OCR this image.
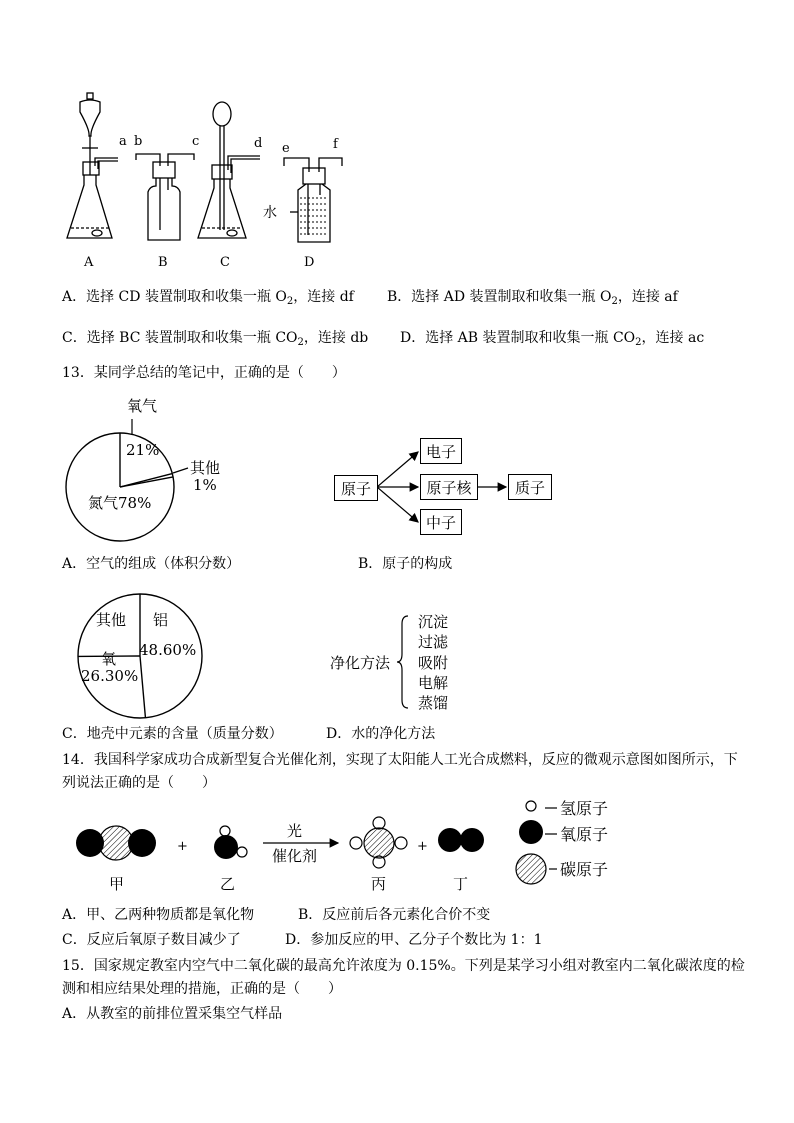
a b	c	d e	f
水
A	B	C	D
A．选择 CD 装置制取和收集一瓶 $O_2$，连接 df B．选择 AD 装置制取和收集一瓶 $O_2$，连接 af
C．选择 BC 装置制取和收集一瓶 $CO_2$，连接 db D．选择 AB 装置制取和收集一瓶 $CO_2$，连接 ac
13．某同学总结的笔记中，正确的是（　　）
氧气
21%
其他
1%
氮气78%
原子
电子
原子核	质子
中子
A．空气的组成（体积分数）	B．原子的构成
其他 铝
48.60%
氧
26.30%
净化方法
沉淀
过滤
吸附
电解
蒸馏
C．地壳中元素的含量（质量分数）	D．水的净化方法
14．我国科学家成功合成新型复合光催化剂，实现了太阳能人工光合成燃料，反应的微观示意图如图所示，下
列说法正确的是（　　）
+
光
催化剂
+
甲	乙	丙	丁
氢原子
氧原子
碳原子
A．甲、乙两种物质都是氧化物	B．反应前后各元素化合价不变
C．反应后氧原子数目减少了	D．参加反应的甲、乙分子个数比为 1：1
15．国家规定教室内空气中二氧化碳的最高允许浓度为 0.15%。下列是某学习小组对教室内二氧化碳浓度的检
测和相应结果处理的措施，正确的是（　　）
A．从教室的前排位置采集空气样品
